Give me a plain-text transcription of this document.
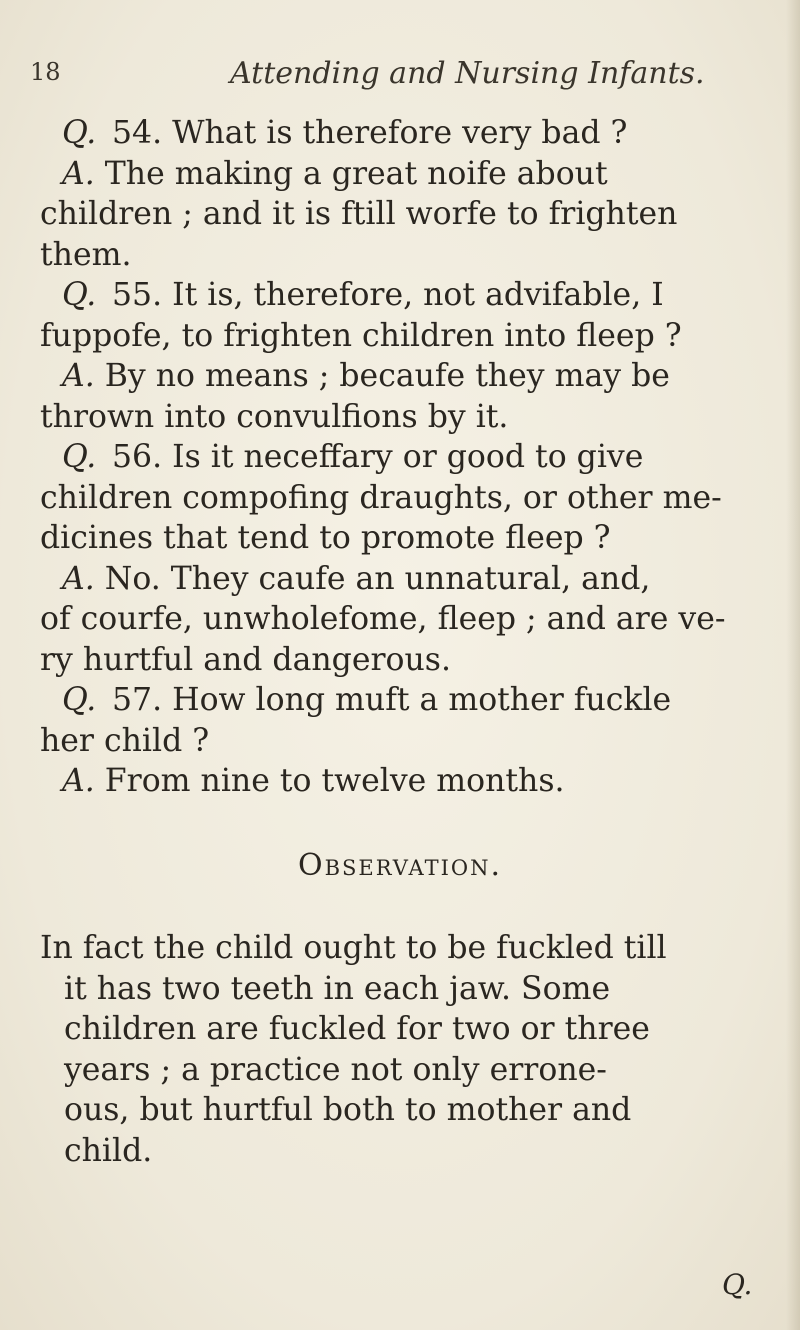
18	Attending and Nursing Infants.
Q. 54. What is therefore very bad ?
A. The making a great noife about
children ; and it is ftill worfe to frighten
them.
Q. 55. It is, therefore, not advifable, I
fuppofe, to frighten children into fleep ?
A. By no means ; becaufe they may be
thrown into convulfions by it.
Q. 56. Is it neceffary or good to give
children compofing draughts, or other me-
dicines that tend to promote fleep ?
A. No. They caufe an unnatural, and,
of courfe, unwholefome, fleep ; and are ve-
ry hurtful and dangerous.
Q. 57. How long muft a mother fuckle
her child ?
A. From nine to twelve months.
Observation.
In fact the child ought to be fuckled till
it has two teeth in each jaw. Some
children are fuckled for two or three
years ; a practice not only errone-
ous, but hurtful both to mother and
child.
Q.
